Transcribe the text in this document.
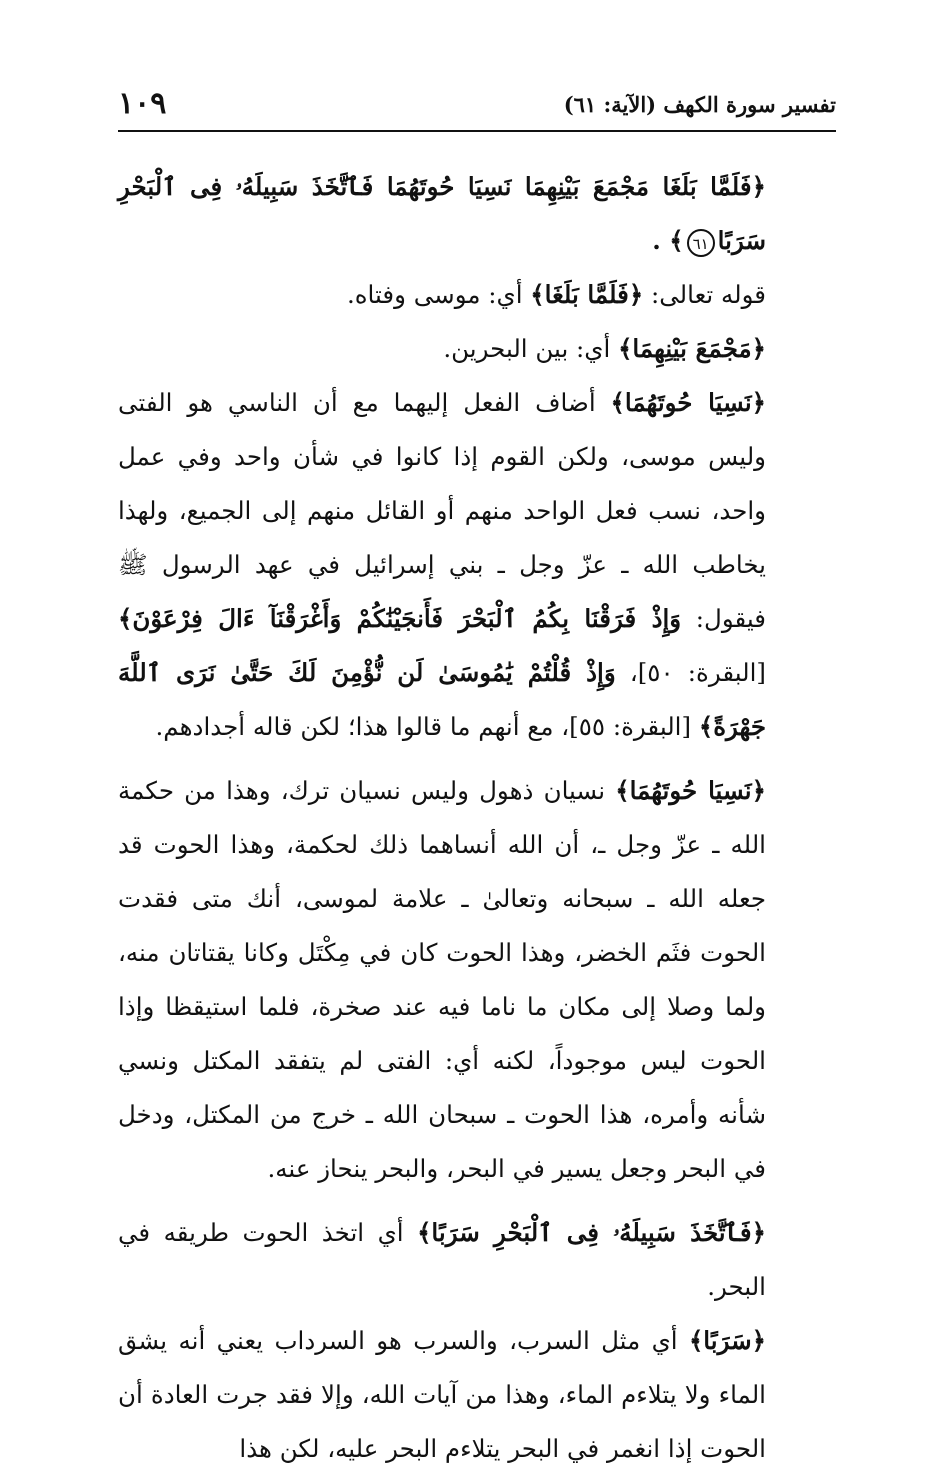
تفسير سورة الكهف (الآية: ٦١)
١٠٩

﴿فَلَمَّا بَلَغَا مَجْمَعَ بَيْنِهِمَا نَسِيَا حُوتَهُمَا فَٱتَّخَذَ سَبِيلَهُۥ فِى ٱلْبَحْرِ سَرَبًا٦١﴾ .

قوله تعالى: ﴿فَلَمَّا بَلَغَا﴾ أي: موسى وفتاه.

﴿مَجْمَعَ بَيْنِهِمَا﴾ أي: بين البحرين.

﴿نَسِيَا حُوتَهُمَا﴾ أضاف الفعل إليهما مع أن الناسي هو الفتى وليس موسى، ولكن القوم إذا كانوا في شأن واحد وفي عمل واحد، نسب فعل الواحد منهم أو القائل منهم إلى الجميع، ولهذا يخاطب الله ـ عزّ وجل ـ بني إسرائيل في عهد الرسول ﷺ فيقول: وَإِذْ فَرَقْنَا بِكُمُ ٱلْبَحْرَ فَأَنجَيْنَٰكُمْ وَأَغْرَقْنَآ ءَالَ فِرْعَوْنَ﴾ [البقرة: ٥٠]، وَإِذْ قُلْتُمْ يَٰمُوسَىٰ لَن نُّؤْمِنَ لَكَ حَتَّىٰ نَرَى ٱللَّهَ جَهْرَةً﴾ [البقرة: ٥٥]، مع أنهم ما قالوا هذا؛ لكن قاله أجدادهم.

﴿نَسِيَا حُوتَهُمَا﴾ نسيان ذهول وليس نسيان ترك، وهذا من حكمة الله ـ عزّ وجل ـ، أن الله أنساهما ذلك لحكمة، وهذا الحوت قد جعله الله ـ سبحانه وتعالىٰ ـ علامة لموسى، أنك متى فقدت الحوت فثَم الخضر، وهذا الحوت كان في مِكْتَل وكانا يقتاتان منه، ولما وصلا إلى مكان ما ناما فيه عند صخرة، فلما استيقظا وإذا الحوت ليس موجوداً، لكنه أي: الفتى لم يتفقد المكتل ونسي شأنه وأمره، هذا الحوت ـ سبحان الله ـ خرج من المكتل، ودخل في البحر وجعل يسير في البحر، والبحر ينحاز عنه.

﴿فَٱتَّخَذَ سَبِيلَهُۥ فِى ٱلْبَحْرِ سَرَبًا﴾ أي اتخذ الحوت طريقه في البحر.

﴿سَرَبًا﴾ أي مثل السرب، والسرب هو السرداب يعني أنه يشق الماء ولا يتلاءم الماء، وهذا من آيات الله، وإلا فقد جرت العادة أن الحوت إذا انغمر في البحر يتلاءم البحر عليه، لكن هذا
